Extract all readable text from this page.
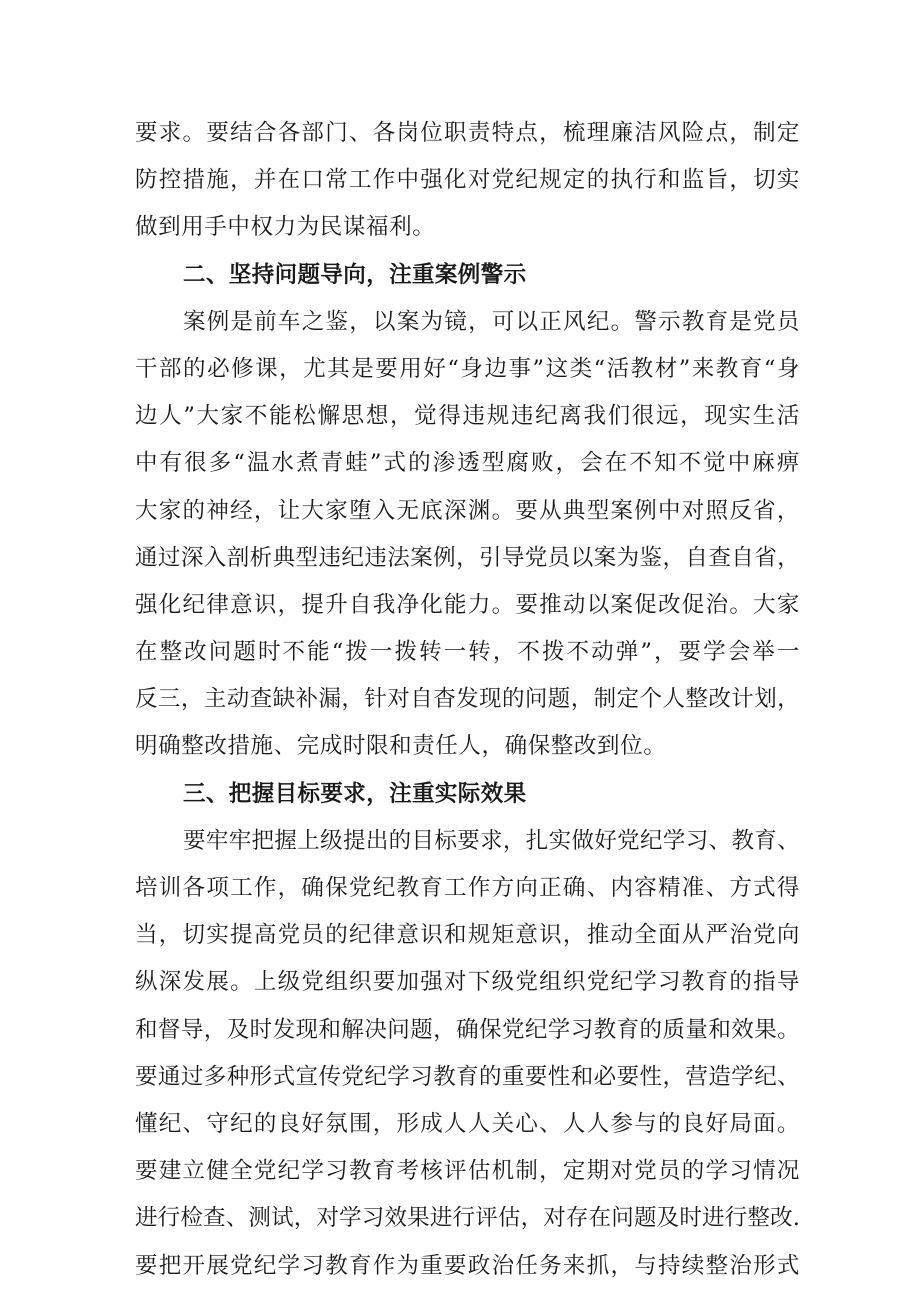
要求。要结合各部门、各岗位职责特点，梳理廉洁风险点，制定
防控措施，并在口常工作中强化对党纪规定的执行和监旨，切实
做到用手中权力为民谋福利。
二、坚持问题导向，注重案例警示
案例是前车之鉴，以案为镜，可以正风纪。警示教育是党员
干部的必修课，尤其是要用好“身边事”这类“活教材”来教育“身
边人”大家不能松懈思想，觉得违规违纪离我们很远，现实生活
中有很多“温水煮青蛙”式的渗透型腐败，会在不知不觉中麻痹
大家的神经，让大家堕入无底深渊。要从典型案例中对照反省，
通过深入剖析典型违纪违法案例，引导党员以案为鉴，自查自省，
强化纪律意识，提升自我净化能力。要推动以案促改促治。大家
在整改问题时不能“拨一拨转一转，不拨不动弹”，要学会举一
反三，主动查缺补漏，针对自杳发现的问题，制定个人整改计划，
明确整改措施、完成时限和责任人，确保整改到位。
三、把握目标要求，注重实际效果
要牢牢把握上级提出的目标要求，扎实做好党纪学习、教育、
培训各项工作，确保党纪教育工作方向正确、内容精准、方式得
当，切实提高党员的纪律意识和规矩意识，推动全面从严治党向
纵深发展。上级党组织要加强对下级党组织党纪学习教育的指导
和督导，及时发现和解决问题，确保党纪学习教育的质量和效果。
要通过多种形式宣传党纪学习教育的重要性和必要性，营造学纪、
懂纪、守纪的良好氛围，形成人人关心、人人参与的良好局面。
要建立健全党纪学习教育考核评估机制，定期对党员的学习情况
进行检查、测试，对学习效果进行评估，对存在问题及时进行整改.
要把开展党纪学习教育作为重要政治任务来抓，与持续整治形式
